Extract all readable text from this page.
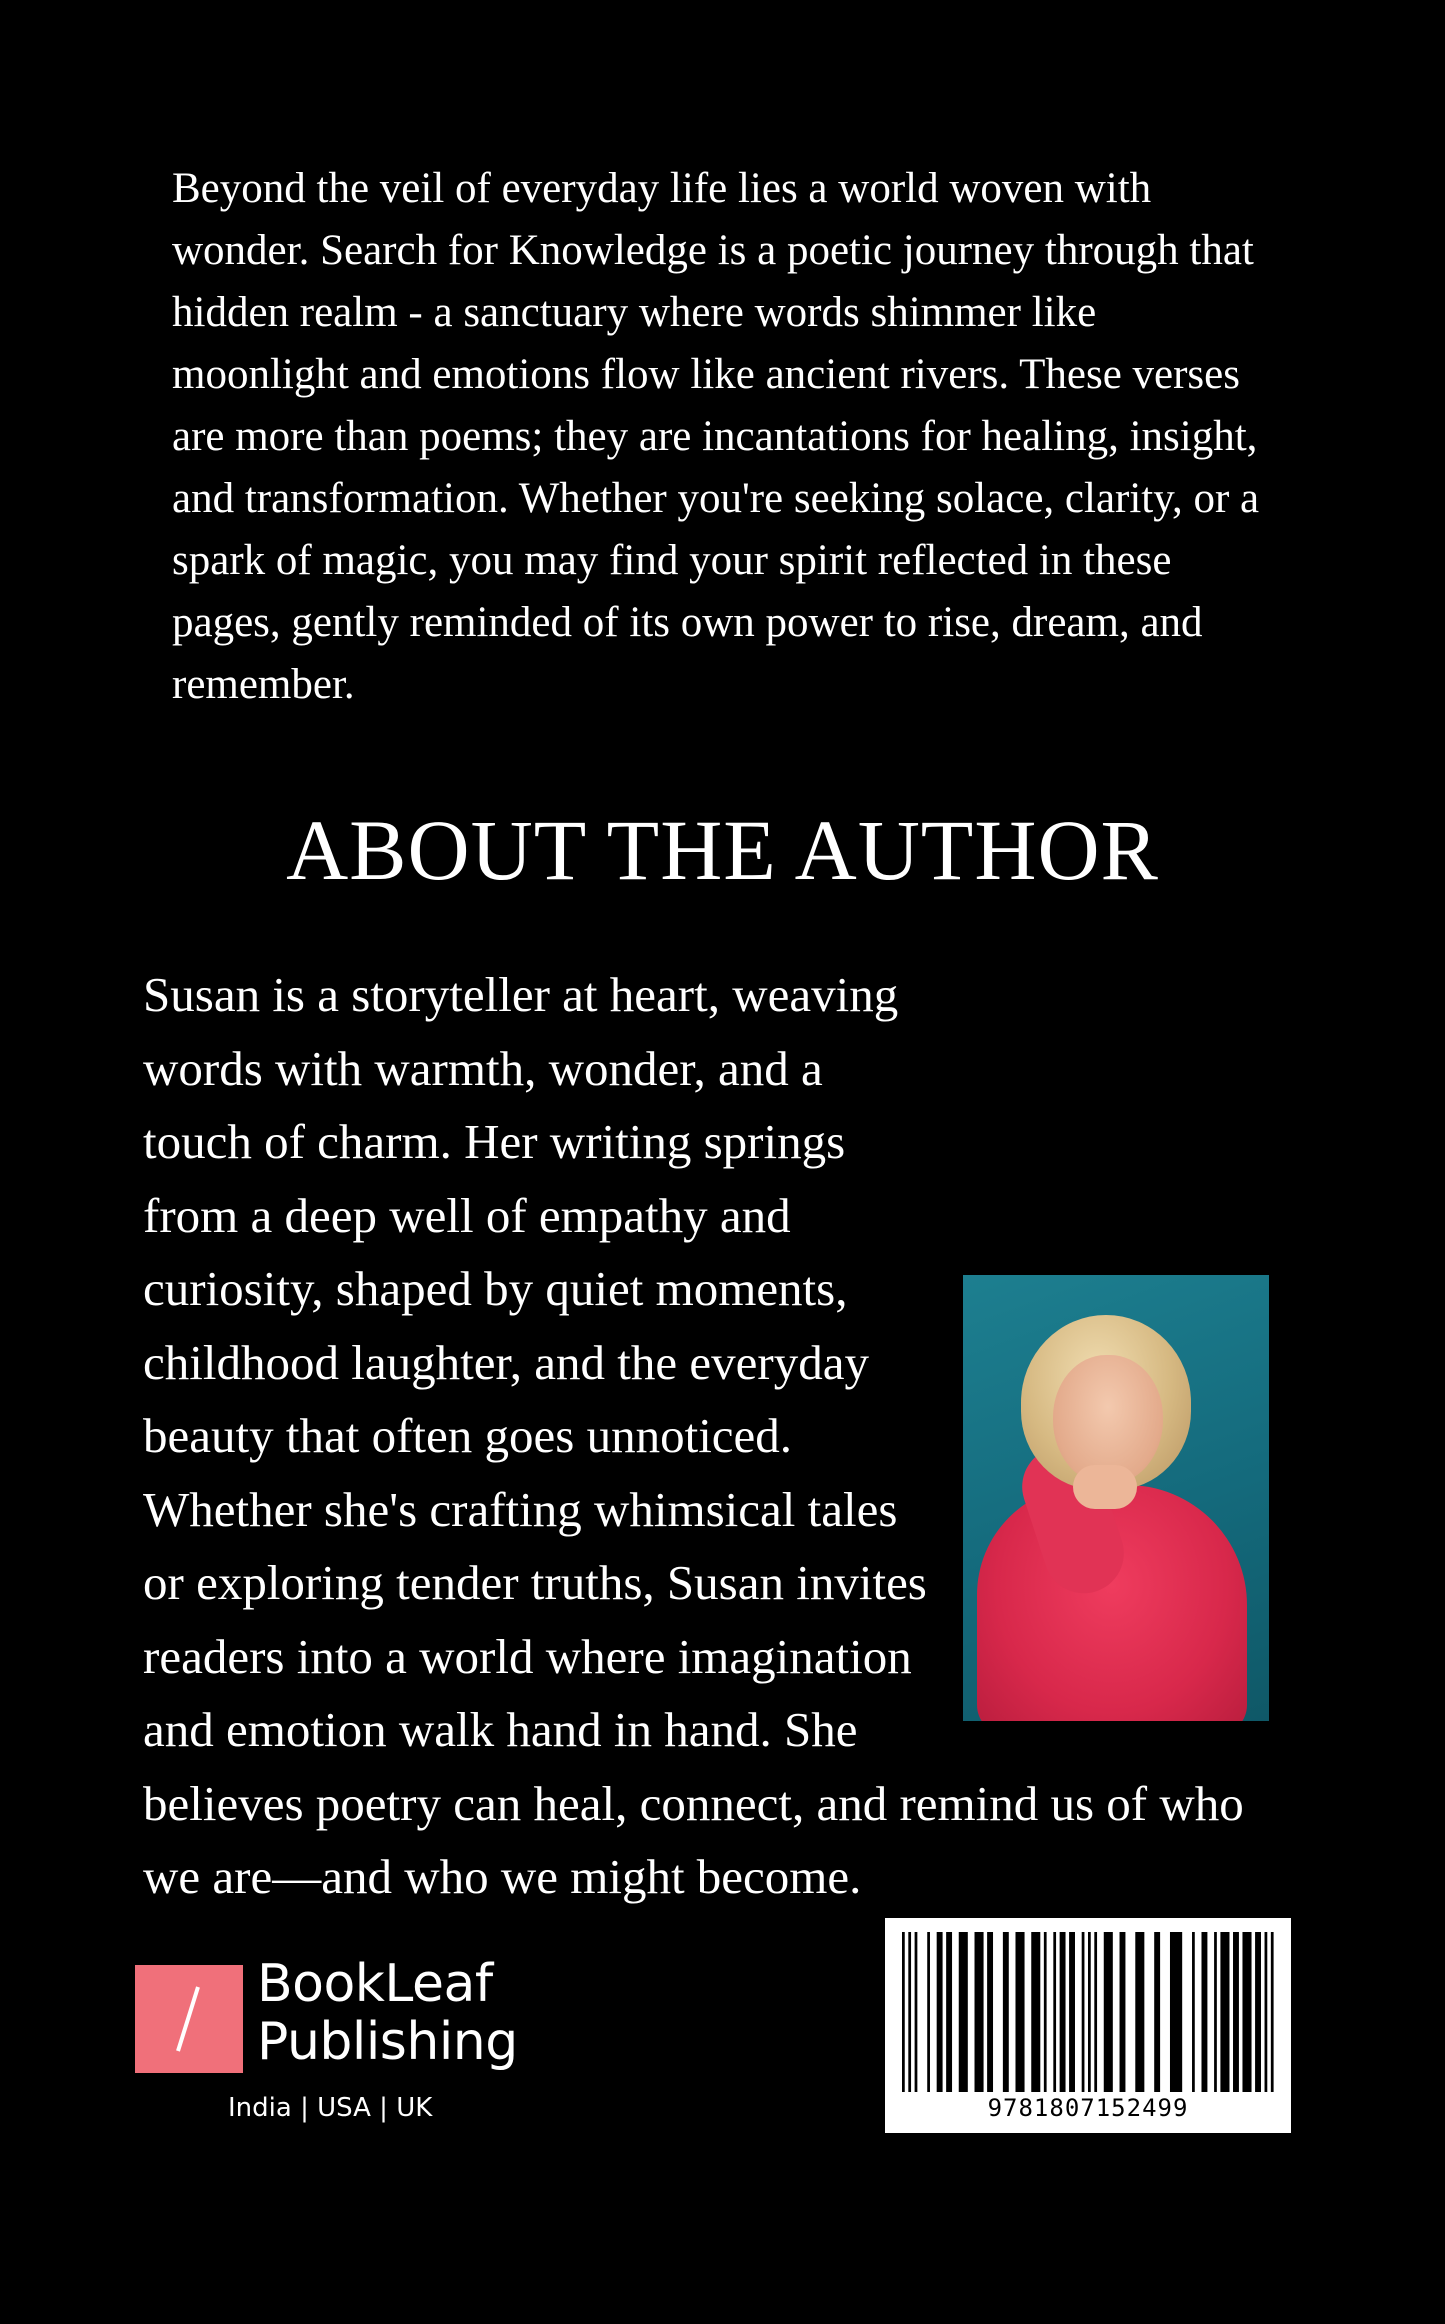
Beyond the veil of everyday life lies a world woven with wonder. Search for Knowledge is a poetic journey through that hidden realm - a sanctuary where words shimmer like moonlight and emotions flow like ancient rivers. These verses are more than poems; they are incantations for healing, insight, and transformation. Whether you're seeking solace, clarity, or a spark of magic, you may find your spirit reflected in these pages, gently reminded of its own power to rise, dream, and remember.

ABOUT THE AUTHOR

Susan is a storyteller at heart, weaving words with warmth, wonder, and a touch of charm. Her writing springs from a deep well of empathy and curiosity, shaped by quiet moments, childhood laughter, and the everyday beauty that often goes unnoticed. Whether she's crafting whimsical tales or exploring tender truths, Susan invites readers into a world where imagination and emotion walk hand in hand. She believes poetry can heal, connect, and remind us of who we are—and who we might become.

BookLeaf
Publishing
India | USA | UK	9781807152499
